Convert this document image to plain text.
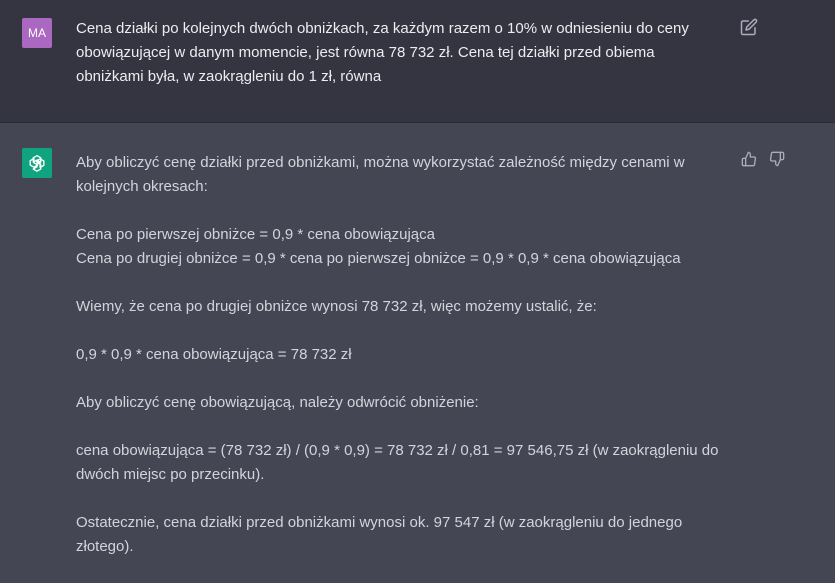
MA	Cena działki po kolejnych dwóch obniżkach, za każdym razem o 10% w odniesieniu do ceny obowiązującej w danym momencie, jest równa 78 732 zł. Cena tej działki przed obiema obniżkami była, w zaokrągleniu do 1 zł, równa

Aby obliczyć cenę działki przed obniżkami, można wykorzystać zależność między cenami w kolejnych okresach:

Cena po pierwszej obniżce = 0,9 * cena obowiązująca

Cena po drugiej obniżce = 0,9 * cena po pierwszej obniżce = 0,9 * 0,9 * cena obowiązująca

Wiemy, że cena po drugiej obniżce wynosi 78 732 zł, więc możemy ustalić, że:

0,9 * 0,9 * cena obowiązująca = 78 732 zł

Aby obliczyć cenę obowiązującą, należy odwrócić obniżenie:

cena obowiązująca = (78 732 zł) / (0,9 * 0,9) = 78 732 zł / 0,81 = 97 546,75 zł (w zaokrągleniu do dwóch miejsc po przecinku).

Ostatecznie, cena działki przed obniżkami wynosi ok. 97 547 zł (w zaokrągleniu do jednego złotego).
